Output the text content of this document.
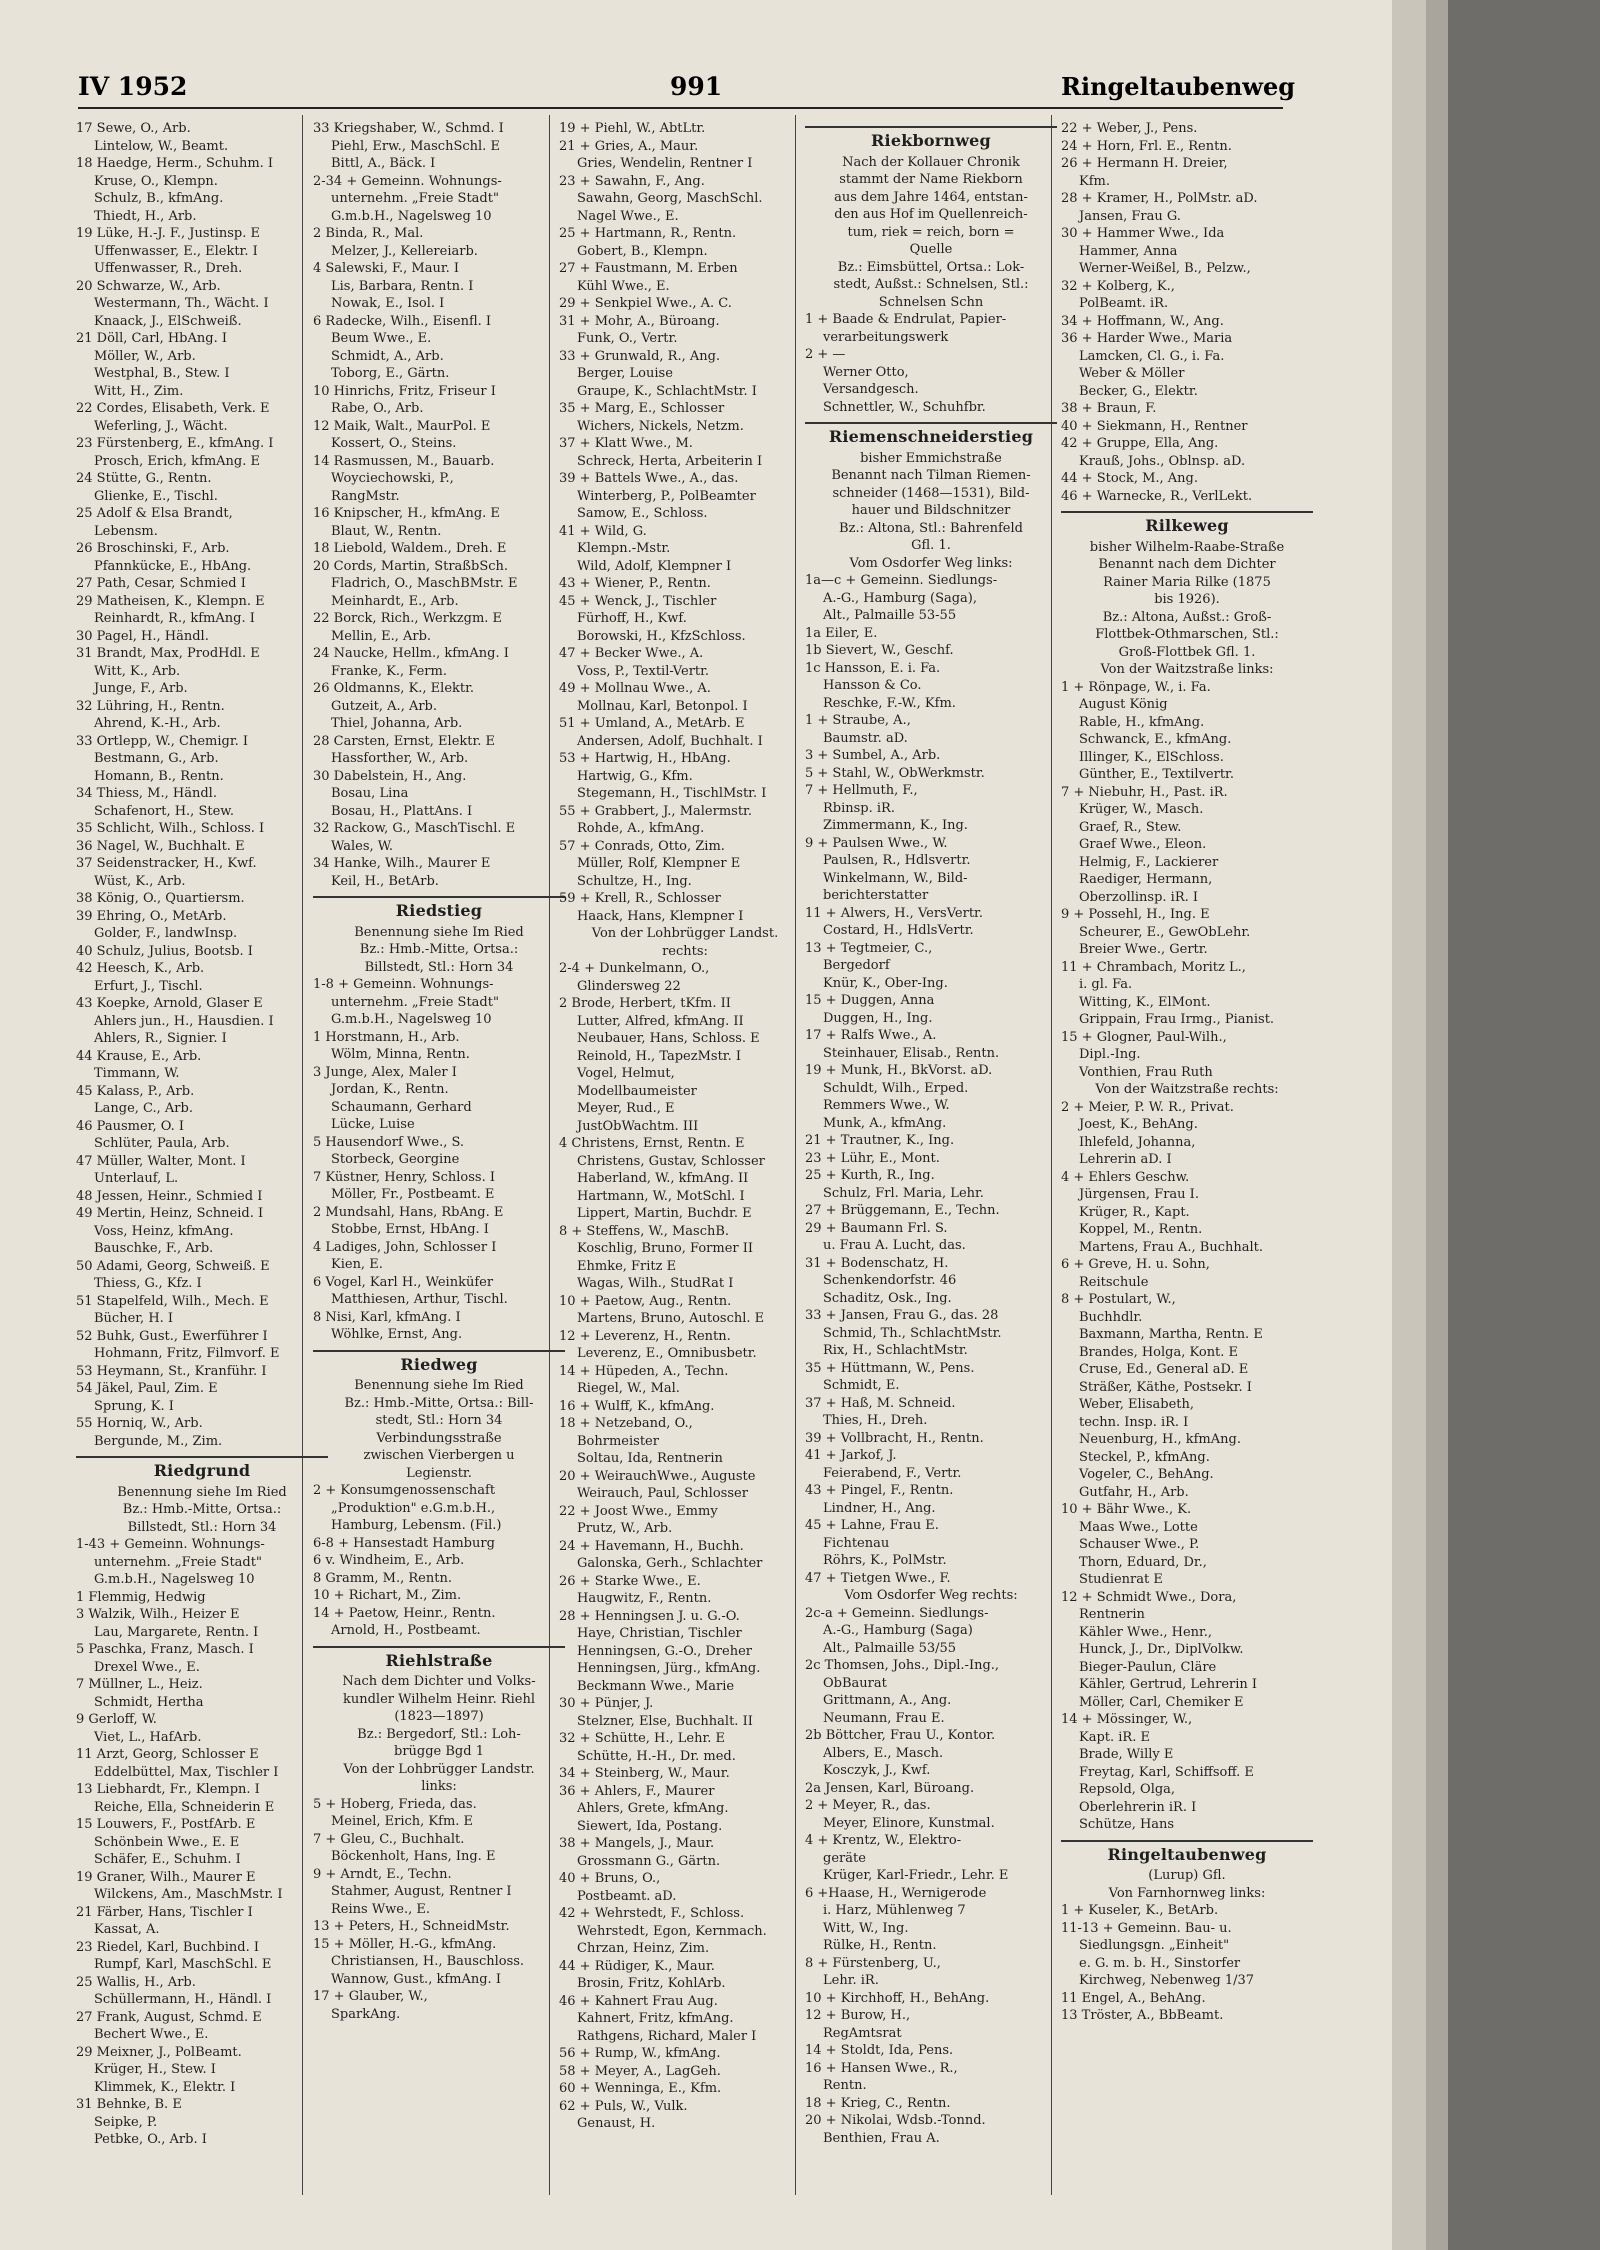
IV 1952	991	Ringeltaubenweg
17 Sewe, O., Arb.
Lintelow, W., Beamt.
18 Haedge, Herm., Schuhm. I
Kruse, O., Klempn.
Schulz, B., kfmAng.
Thiedt, H., Arb.
19 Lüke, H.-J. F., Justinsp. E
Uffenwasser, E., Elektr. I
Uffenwasser, R., Dreh.
20 Schwarze, W., Arb.
Westermann, Th., Wächt. I
Knaack, J., ElSchweiß.
21 Döll, Carl, HbAng. I
Möller, W., Arb.
Westphal, B., Stew. I
Witt, H., Zim.
22 Cordes, Elisabeth, Verk. E
Weferling, J., Wächt.
23 Fürstenberg, E., kfmAng. I
Prosch, Erich, kfmAng. E
24 Stütte, G., Rentn.
Glienke, E., Tischl.
25 Adolf & Elsa Brandt,
Lebensm.
26 Broschinski, F., Arb.
Pfannkücke, E., HbAng.
27 Path, Cesar, Schmied I
29 Matheisen, K., Klempn. E
Reinhardt, R., kfmAng. I
30 Pagel, H., Händl.
31 Brandt, Max, ProdHdl. E
Witt, K., Arb.
Junge, F., Arb.
32 Lühring, H., Rentn.
Ahrend, K.-H., Arb.
33 Ortlepp, W., Chemigr. I
Bestmann, G., Arb.
Homann, B., Rentn.
34 Thiess, M., Händl.
Schafenort, H., Stew.
35 Schlicht, Wilh., Schloss. I
36 Nagel, W., Buchhalt. E
37 Seidenstracker, H., Kwf.
Wüst, K., Arb.
38 König, O., Quartiersm.
39 Ehring, O., MetArb.
Golder, F., landwInsp.
40 Schulz, Julius, Bootsb. I
42 Heesch, K., Arb.
Erfurt, J., Tischl.
43 Koepke, Arnold, Glaser E
Ahlers jun., H., Hausdien. I
Ahlers, R., Signier. I
44 Krause, E., Arb.
Timmann, W.
45 Kalass, P., Arb.
Lange, C., Arb.
46 Pausmer, O. I
Schlüter, Paula, Arb.
47 Müller, Walter, Mont. I
Unterlauf, L.
48 Jessen, Heinr., Schmied I
49 Mertin, Heinz, Schneid. I
Voss, Heinz, kfmAng.
Bauschke, F., Arb.
50 Adami, Georg, Schweiß. E
Thiess, G., Kfz. I
51 Stapelfeld, Wilh., Mech. E
Bücher, H. I
52 Buhk, Gust., Ewerführer I
Hohmann, Fritz, Filmvorf. E
53 Heymann, St., Kranführ. I
54 Jäkel, Paul, Zim. E
Sprung, K. I
55 Horniq, W., Arb.
Bergunde, M., Zim.
Riedgrund
Benennung siehe Im Ried
Bz.: Hmb.-Mitte, Ortsa.:
Billstedt, Stl.: Horn 34
1-43 + Gemeinn. Wohnungs-
unternehm. „Freie Stadt"
G.m.b.H., Nagelsweg 10
1 Flemmig, Hedwig
3 Walzik, Wilh., Heizer E
Lau, Margarete, Rentn. I
5 Paschka, Franz, Masch. I
Drexel Wwe., E.
7 Müllner, L., Heiz.
Schmidt, Hertha
9 Gerloff, W.
Viet, L., HafArb.
11 Arzt, Georg, Schlosser E
Eddelbüttel, Max, Tischler I
13 Liebhardt, Fr., Klempn. I
Reiche, Ella, Schneiderin E
15 Louwers, F., PostfArb. E
Schönbein Wwe., E. E
Schäfer, E., Schuhm. I
19 Graner, Wilh., Maurer E
Wilckens, Am., MaschMstr. I
21 Färber, Hans, Tischler I
Kassat, A.
23 Riedel, Karl, Buchbind. I
Rumpf, Karl, MaschSchl. E
25 Wallis, H., Arb.
Schüllermann, H., Händl. I
27 Frank, August, Schmd. E
Bechert Wwe., E.
29 Meixner, J., PolBeamt.
Krüger, H., Stew. I
Klimmek, K., Elektr. I
31 Behnke, B. E
Seipke, P.
Petbke, O., Arb. I
33 Kriegshaber, W., Schmd. I
Piehl, Erw., MaschSchl. E
Bittl, A., Bäck. I
2-34 + Gemeinn. Wohnungs-
unternehm. „Freie Stadt"
G.m.b.H., Nagelsweg 10
2 Binda, R., Mal.
Melzer, J., Kellereiarb.
4 Salewski, F., Maur. I
Lis, Barbara, Rentn. I
Nowak, E., Isol. I
6 Radecke, Wilh., Eisenfl. I
Beum Wwe., E.
Schmidt, A., Arb.
Toborg, E., Gärtn.
10 Hinrichs, Fritz, Friseur I
Rabe, O., Arb.
12 Maik, Walt., MaurPol. E
Kossert, O., Steins.
14 Rasmussen, M., Bauarb.
Woyciechowski, P.,
RangMstr.
16 Knipscher, H., kfmAng. E
Blaut, W., Rentn.
18 Liebold, Waldem., Dreh. E
20 Cords, Martin, StraßbSch.
Fladrich, O., MaschBMstr. E
Meinhardt, E., Arb.
22 Borck, Rich., Werkzgm. E
Mellin, E., Arb.
24 Naucke, Hellm., kfmAng. I
Franke, K., Ferm.
26 Oldmanns, K., Elektr.
Gutzeit, A., Arb.
Thiel, Johanna, Arb.
28 Carsten, Ernst, Elektr. E
Hassforther, W., Arb.
30 Dabelstein, H., Ang.
Bosau, Lina
Bosau, H., PlattAns. I
32 Rackow, G., MaschTischl. E
Wales, W.
34 Hanke, Wilh., Maurer E
Keil, H., BetArb.
Riedstieg
Benennung siehe Im Ried
Bz.: Hmb.-Mitte, Ortsa.:
Billstedt, Stl.: Horn 34
1-8 + Gemeinn. Wohnungs-
unternehm. „Freie Stadt"
G.m.b.H., Nagelsweg 10
1 Horstmann, H., Arb.
Wölm, Minna, Rentn.
3 Junge, Alex, Maler I
Jordan, K., Rentn.
Schaumann, Gerhard
Lücke, Luise
5 Hausendorf Wwe., S.
Storbeck, Georgine
7 Küstner, Henry, Schloss. I
Möller, Fr., Postbeamt. E
2 Mundsahl, Hans, RbAng. E
Stobbe, Ernst, HbAng. I
4 Ladiges, John, Schlosser I
Kien, E.
6 Vogel, Karl H., Weinküfer
Matthiesen, Arthur, Tischl.
8 Nisi, Karl, kfmAng. I
Wöhlke, Ernst, Ang.
Riedweg
Benennung siehe Im Ried
Bz.: Hmb.-Mitte, Ortsa.: Bill-
stedt, Stl.: Horn 34
Verbindungsstraße
zwischen Vierbergen u
Legienstr.
2 + Konsumgenossenschaft
„Produktion" e.G.m.b.H.,
Hamburg, Lebensm. (Fil.)
6-8 + Hansestadt Hamburg
6 v. Windheim, E., Arb.
8 Gramm, M., Rentn.
10 + Richart, M., Zim.
14 + Paetow, Heinr., Rentn.
Arnold, H., Postbeamt.
Riehlstraße
Nach dem Dichter und Volks-
kundler Wilhelm Heinr. Riehl
(1823—1897)
Bz.: Bergedorf, Stl.: Loh-
brügge Bgd 1
Von der Lohbrügger Landstr.
links:
5 + Hoberg, Frieda, das.
Meinel, Erich, Kfm. E
7 + Gleu, C., Buchhalt.
Böckenholt, Hans, Ing. E
9 + Arndt, E., Techn.
Stahmer, August, Rentner I
Reins Wwe., E.
13 + Peters, H., SchneidMstr.
15 + Möller, H.-G., kfmAng.
Christiansen, H., Bauschloss.
Wannow, Gust., kfmAng. I
17 + Glauber, W.,
SparkAng.
19 + Piehl, W., AbtLtr.
21 + Gries, A., Maur.
Gries, Wendelin, Rentner I
23 + Sawahn, F., Ang.
Sawahn, Georg, MaschSchl.
Nagel Wwe., E.
25 + Hartmann, R., Rentn.
Gobert, B., Klempn.
27 + Faustmann, M. Erben
Kühl Wwe., E.
29 + Senkpiel Wwe., A. C.
31 + Mohr, A., Büroang.
Funk, O., Vertr.
33 + Grunwald, R., Ang.
Berger, Louise
Graupe, K., SchlachtMstr. I
35 + Marg, E., Schlosser
Wichers, Nickels, Netzm.
37 + Klatt Wwe., M.
Schreck, Herta, Arbeiterin I
39 + Battels Wwe., A., das.
Winterberg, P., PolBeamter
Samow, E., Schloss.
41 + Wild, G.
Klempn.-Mstr.
Wild, Adolf, Klempner I
43 + Wiener, P., Rentn.
45 + Wenck, J., Tischler
Fürhoff, H., Kwf.
Borowski, H., KfzSchloss.
47 + Becker Wwe., A.
Voss, P., Textil-Vertr.
49 + Mollnau Wwe., A.
Mollnau, Karl, Betonpol. I
51 + Umland, A., MetArb. E
Andersen, Adolf, Buchhalt. I
53 + Hartwig, H., HbAng.
Hartwig, G., Kfm.
Stegemann, H., TischlMstr. I
55 + Grabbert, J., Malermstr.
Rohde, A., kfmAng.
57 + Conrads, Otto, Zim.
Müller, Rolf, Klempner E
Schultze, H., Ing.
59 + Krell, R., Schlosser
Haack, Hans, Klempner I
Von der Lohbrügger Landst.
rechts:
2-4 + Dunkelmann, O.,
Glindersweg 22
2 Brode, Herbert, tKfm. II
Lutter, Alfred, kfmAng. II
Neubauer, Hans, Schloss. E
Reinold, H., TapezMstr. I
Vogel, Helmut,
Modellbaumeister
Meyer, Rud., E
JustObWachtm. III
4 Christens, Ernst, Rentn. E
Christens, Gustav, Schlosser
Haberland, W., kfmAng. II
Hartmann, W., MotSchl. I
Lippert, Martin, Buchdr. E
8 + Steffens, W., MaschB.
Koschlig, Bruno, Former II
Ehmke, Fritz E
Wagas, Wilh., StudRat I
10 + Paetow, Aug., Rentn.
Martens, Bruno, Autoschl. E
12 + Leverenz, H., Rentn.
Leverenz, E., Omnibusbetr.
14 + Hüpeden, A., Techn.
Riegel, W., Mal.
16 + Wulff, K., kfmAng.
18 + Netzeband, O.,
Bohrmeister
Soltau, Ida, Rentnerin
20 + WeirauchWwe., Auguste
Weirauch, Paul, Schlosser
22 + Joost Wwe., Emmy
Prutz, W., Arb.
24 + Havemann, H., Buchh.
Galonska, Gerh., Schlachter
26 + Starke Wwe., E.
Haugwitz, F., Rentn.
28 + Henningsen J. u. G.-O.
Haye, Christian, Tischler
Henningsen, G.-O., Dreher
Henningsen, Jürg., kfmAng.
Beckmann Wwe., Marie
30 + Pünjer, J.
Stelzner, Else, Buchhalt. II
32 + Schütte, H., Lehr. E
Schütte, H.-H., Dr. med.
34 + Steinberg, W., Maur.
36 + Ahlers, F., Maurer
Ahlers, Grete, kfmAng.
Siewert, Ida, Postang.
38 + Mangels, J., Maur.
Grossmann G., Gärtn.
40 + Bruns, O.,
Postbeamt. aD.
42 + Wehrstedt, F., Schloss.
Wehrstedt, Egon, Kernmach.
Chrzan, Heinz, Zim.
44 + Rüdiger, K., Maur.
Brosin, Fritz, KohlArb.
46 + Kahnert Frau Aug.
Kahnert, Fritz, kfmAng.
Rathgens, Richard, Maler I
56 + Rump, W., kfmAng.
58 + Meyer, A., LagGeh.
60 + Wenninga, E., Kfm.
62 + Puls, W., Vulk.
Genaust, H.
Riekbornweg
Nach der Kollauer Chronik
stammt der Name Riekborn
aus dem Jahre 1464, entstan-
den aus Hof im Quellenreich-
tum, riek = reich, born =
Quelle
Bz.: Eimsbüttel, Ortsa.: Lok-
stedt, Außst.: Schnelsen, Stl.:
Schnelsen Schn
1 + Baade & Endrulat, Papier-
verarbeitungswerk
2 + —
Werner Otto,
Versandgesch.
Schnettler, W., Schuhfbr.
Riemenschneiderstieg
bisher Emmichstraße
Benannt nach Tilman Riemen-
schneider (1468—1531), Bild-
hauer und Bildschnitzer
Bz.: Altona, Stl.: Bahrenfeld
Gfl. 1.
Vom Osdorfer Weg links:
1a—c + Gemeinn. Siedlungs-
A.-G., Hamburg (Saga),
Alt., Palmaille 53-55
1a Eiler, E.
1b Sievert, W., Geschf.
1c Hansson, E. i. Fa.
Hansson & Co.
Reschke, F.-W., Kfm.
1 + Straube, A.,
Baumstr. aD.
3 + Sumbel, A., Arb.
5 + Stahl, W., ObWerkmstr.
7 + Hellmuth, F.,
Rbinsp. iR.
Zimmermann, K., Ing.
9 + Paulsen Wwe., W.
Paulsen, R., Hdlsvertr.
Winkelmann, W., Bild-
berichterstatter
11 + Alwers, H., VersVertr.
Costard, H., HdlsVertr.
13 + Tegtmeier, C.,
Bergedorf
Knür, K., Ober-Ing.
15 + Duggen, Anna
Duggen, H., Ing.
17 + Ralfs Wwe., A.
Steinhauer, Elisab., Rentn.
19 + Munk, H., BkVorst. aD.
Schuldt, Wilh., Erped.
Remmers Wwe., W.
Munk, A., kfmAng.
21 + Trautner, K., Ing.
23 + Lühr, E., Mont.
25 + Kurth, R., Ing.
Schulz, Frl. Maria, Lehr.
27 + Brüggemann, E., Techn.
29 + Baumann Frl. S.
u. Frau A. Lucht, das.
31 + Bodenschatz, H.
Schenkendorfstr. 46
Schaditz, Osk., Ing.
33 + Jansen, Frau G., das. 28
Schmid, Th., SchlachtMstr.
Rix, H., SchlachtMstr.
35 + Hüttmann, W., Pens.
Schmidt, E.
37 + Haß, M. Schneid.
Thies, H., Dreh.
39 + Vollbracht, H., Rentn.
41 + Jarkof, J.
Feierabend, F., Vertr.
43 + Pingel, F., Rentn.
Lindner, H., Ang.
45 + Lahne, Frau E.
Fichtenau
Röhrs, K., PolMstr.
47 + Tietgen Wwe., F.
Vom Osdorfer Weg rechts:
2c-a + Gemeinn. Siedlungs-
A.-G., Hamburg (Saga)
Alt., Palmaille 53/55
2c Thomsen, Johs., Dipl.-Ing.,
ObBaurat
Grittmann, A., Ang.
Neumann, Frau E.
2b Böttcher, Frau U., Kontor.
Albers, E., Masch.
Kosczyk, J., Kwf.
2a Jensen, Karl, Büroang.
2 + Meyer, R., das.
Meyer, Elinore, Kunstmal.
4 + Krentz, W., Elektro-
geräte
Krüger, Karl-Friedr., Lehr. E
6 +Haase, H., Wernigerode
i. Harz, Mühlenweg 7
Witt, W., Ing.
Rülke, H., Rentn.
8 + Fürstenberg, U.,
Lehr. iR.
10 + Kirchhoff, H., BehAng.
12 + Burow, H.,
RegAmtsrat
14 + Stoldt, Ida, Pens.
16 + Hansen Wwe., R.,
Rentn.
18 + Krieg, C., Rentn.
20 + Nikolai, Wdsb.-Tonnd.
Benthien, Frau A.
22 + Weber, J., Pens.
24 + Horn, Frl. E., Rentn.
26 + Hermann H. Dreier,
Kfm.
28 + Kramer, H., PolMstr. aD.
Jansen, Frau G.
30 + Hammer Wwe., Ida
Hammer, Anna
Werner-Weißel, B., Pelzw.,
32 + Kolberg, K.,
PolBeamt. iR.
34 + Hoffmann, W., Ang.
36 + Harder Wwe., Maria
Lamcken, Cl. G., i. Fa.
Weber & Möller
Becker, G., Elektr.
38 + Braun, F.
40 + Siekmann, H., Rentner
42 + Gruppe, Ella, Ang.
Krauß, Johs., Oblnsp. aD.
44 + Stock, M., Ang.
46 + Warnecke, R., VerlLekt.
Rilkeweg
bisher Wilhelm-Raabe-Straße
Benannt nach dem Dichter
Rainer Maria Rilke (1875
bis 1926).
Bz.: Altona, Außst.: Groß-
Flottbek-Othmarschen, Stl.:
Groß-Flottbek Gfl. 1.
Von der Waitzstraße links:
1 + Rönpage, W., i. Fa.
August König
Rable, H., kfmAng.
Schwanck, E., kfmAng.
Illinger, K., ElSchloss.
Günther, E., Textilvertr.
7 + Niebuhr, H., Past. iR.
Krüger, W., Masch.
Graef, R., Stew.
Graef Wwe., Eleon.
Helmig, F., Lackierer
Raediger, Hermann,
Oberzollinsp. iR. I
9 + Possehl, H., Ing. E
Scheurer, E., GewObLehr.
Breier Wwe., Gertr.
11 + Chrambach, Moritz L.,
i. gl. Fa.
Witting, K., ElMont.
Grippain, Frau Irmg., Pianist.
15 + Glogner, Paul-Wilh.,
Dipl.-Ing.
Vonthien, Frau Ruth
Von der Waitzstraße rechts:
2 + Meier, P. W. R., Privat.
Joest, K., BehAng.
Ihlefeld, Johanna,
Lehrerin aD. I
4 + Ehlers Geschw.
Jürgensen, Frau I.
Krüger, R., Kapt.
Koppel, M., Rentn.
Martens, Frau A., Buchhalt.
6 + Greve, H. u. Sohn,
Reitschule
8 + Postulart, W.,
Buchhdlr.
Baxmann, Martha, Rentn. E
Brandes, Holga, Kont. E
Cruse, Ed., General aD. E
Sträßer, Käthe, Postsekr. I
Weber, Elisabeth,
techn. Insp. iR. I
Neuenburg, H., kfmAng.
Steckel, P., kfmAng.
Vogeler, C., BehAng.
Gutfahr, H., Arb.
10 + Bähr Wwe., K.
Maas Wwe., Lotte
Schauser Wwe., P.
Thorn, Eduard, Dr.,
Studienrat E
12 + Schmidt Wwe., Dora,
Rentnerin
Kähler Wwe., Henr.,
Hunck, J., Dr., DiplVolkw.
Bieger-Paulun, Cläre
Kähler, Gertrud, Lehrerin I
Möller, Carl, Chemiker E
14 + Mössinger, W.,
Kapt. iR. E
Brade, Willy E
Freytag, Karl, Schiffsoff. E
Repsold, Olga,
Oberlehrerin iR. I
Schütze, Hans
Ringeltaubenweg
(Lurup) Gfl.
Von Farnhornweg links:
1 + Kuseler, K., BetArb.
11-13 + Gemeinn. Bau- u.
Siedlungsgn. „Einheit"
e. G. m. b. H., Sinstorfer
Kirchweg, Nebenweg 1/37
11 Engel, A., BehAng.
13 Tröster, A., BbBeamt.
